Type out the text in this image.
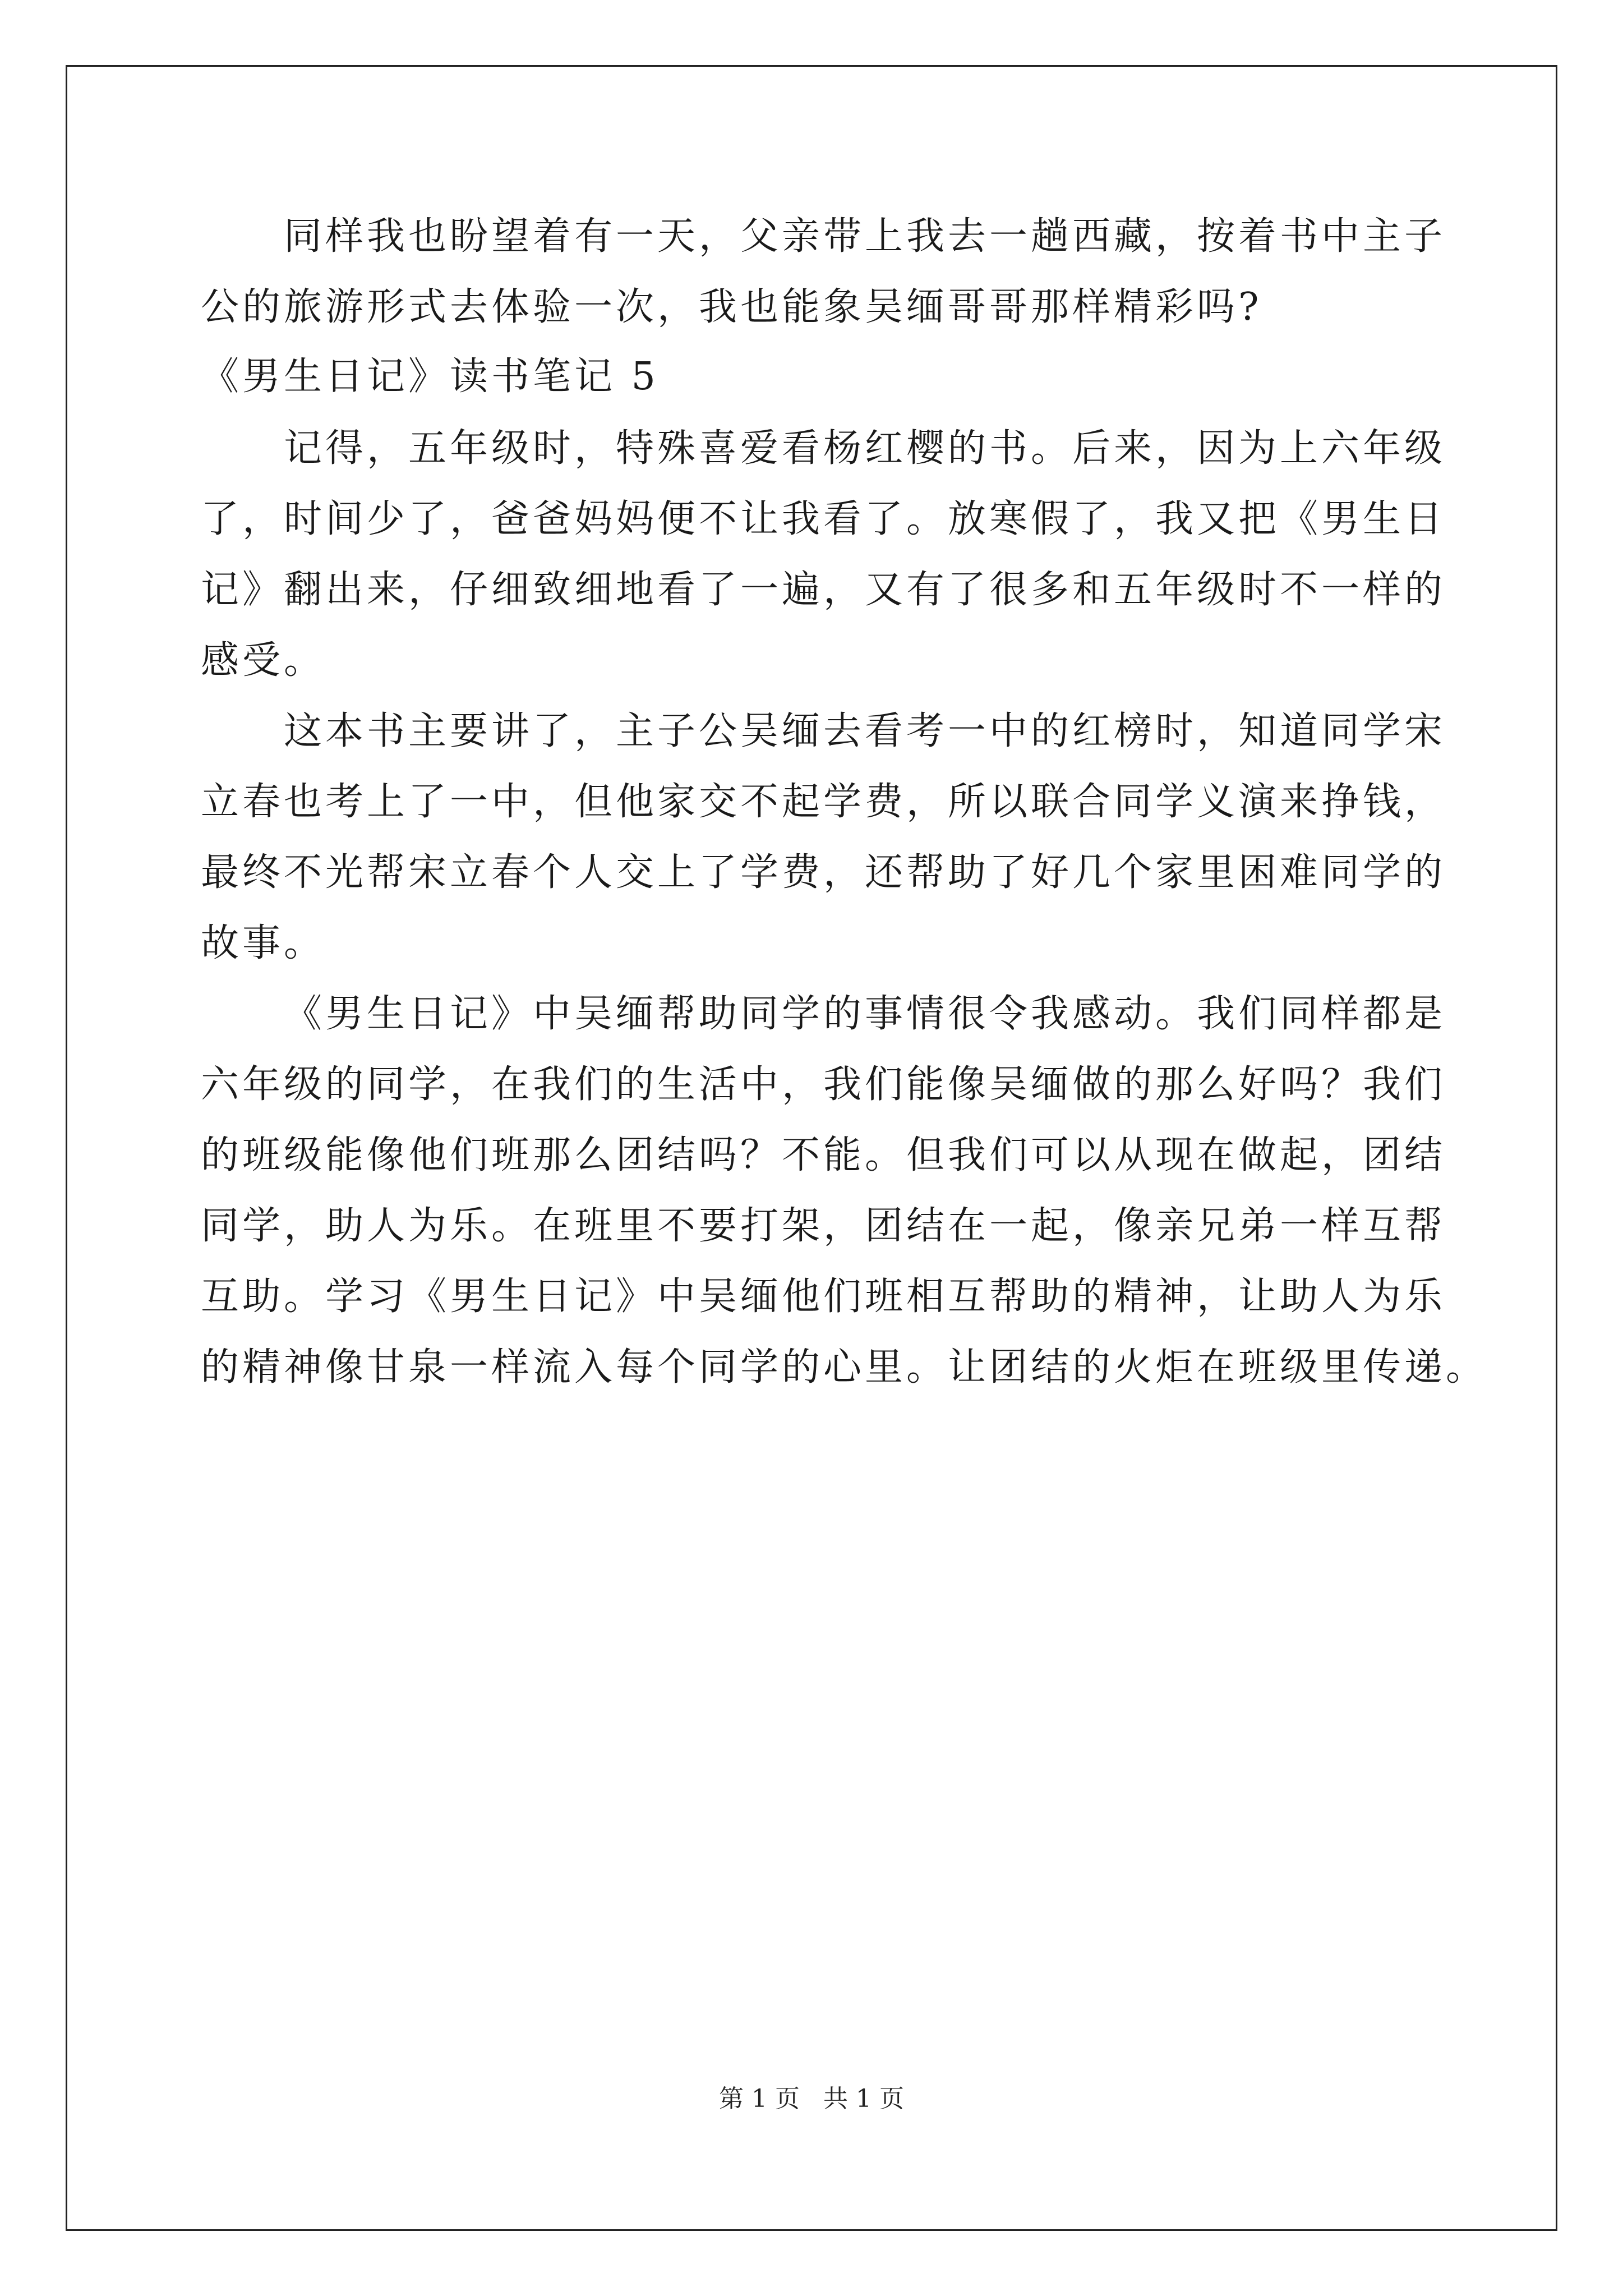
同样我也盼望着有一天，父亲带上我去一趟西藏，按着书中主子
公的旅游形式去体验一次，我也能象吴缅哥哥那样精彩吗?
《男生日记》读书笔记 5
记得，五年级时，特殊喜爱看杨红樱的书。后来，因为上六年级
了，时间少了，爸爸妈妈便不让我看了。放寒假了，我又把《男生日
记》翻出来，仔细致细地看了一遍，又有了很多和五年级时不一样的
感受。
这本书主要讲了，主子公吴缅去看考一中的红榜时，知道同学宋
立春也考上了一中，但他家交不起学费，所以联合同学义演来挣钱，
最终不光帮宋立春个人交上了学费，还帮助了好几个家里困难同学的
故事。
《男生日记》中吴缅帮助同学的事情很令我感动。我们同样都是
六年级的同学，在我们的生活中，我们能像吴缅做的那么好吗？我们
的班级能像他们班那么团结吗？不能。但我们可以从现在做起，团结
同学，助人为乐。在班里不要打架，团结在一起，像亲兄弟一样互帮
互助。学习《男生日记》中吴缅他们班相互帮助的精神，让助人为乐
的精神像甘泉一样流入每个同学的心里。让团结的火炬在班级里传递。
第 1 页 共 1 页
